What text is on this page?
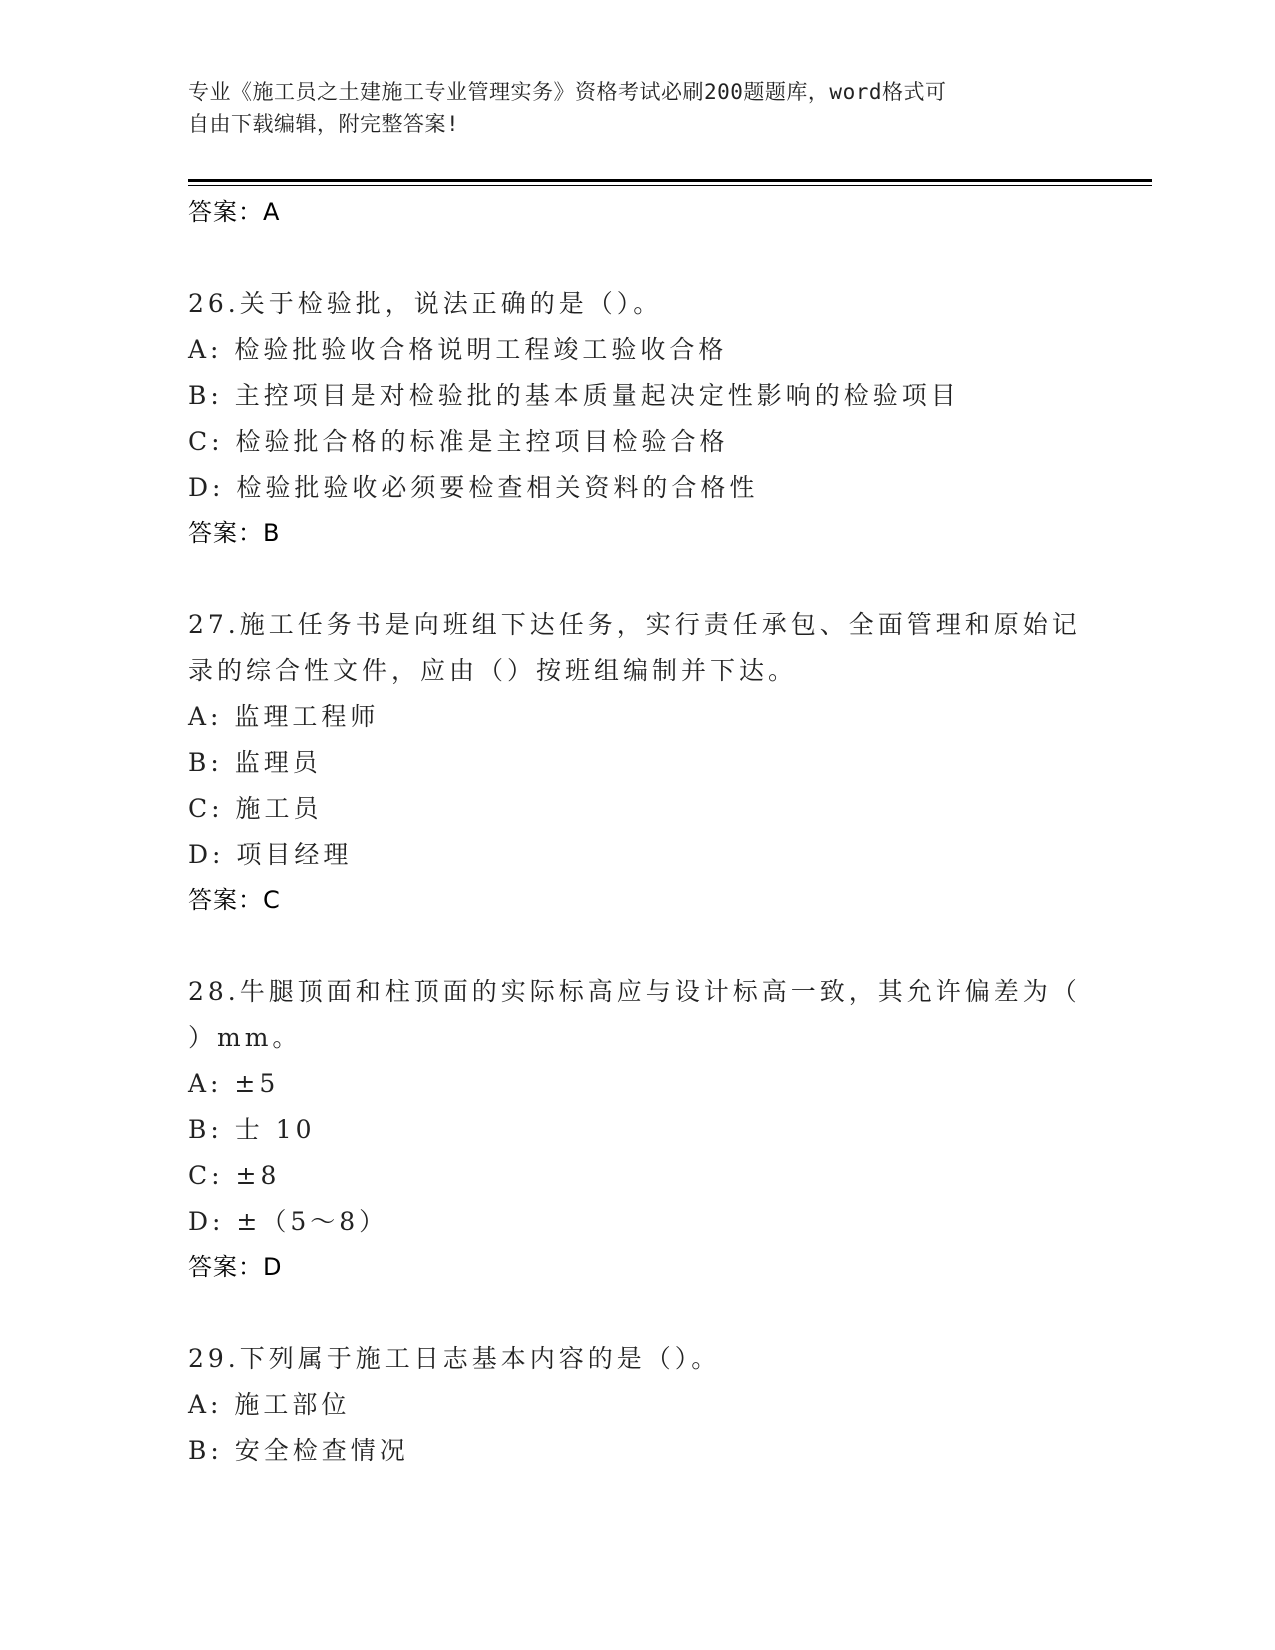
专业《施工员之土建施工专业管理实务》资格考试必刷200题题库，word格式可
自由下载编辑，附完整答案!
答案：A
26.关于检验批，说法正确的是（）。
A: 检验批验收合格说明工程竣工验收合格
B: 主控项目是对检验批的基本质量起决定性影响的检验项目
C: 检验批合格的标准是主控项目检验合格
D: 检验批验收必须要检查相关资料的合格性
答案：B
27.施工任务书是向班组下达任务，实行责任承包、全面管理和原始记
录的综合性文件，应由（）按班组编制并下达。
A: 监理工程师
B: 监理员
C: 施工员
D: 项目经理
答案：C
28.牛腿顶面和柱顶面的实际标高应与设计标高一致，其允许偏差为（
）mm。
A: ±5
B: 士 10
C: ±8
D: ±（5～8）
答案：D
29.下列属于施工日志基本内容的是（）。
A: 施工部位
B: 安全检查情况
